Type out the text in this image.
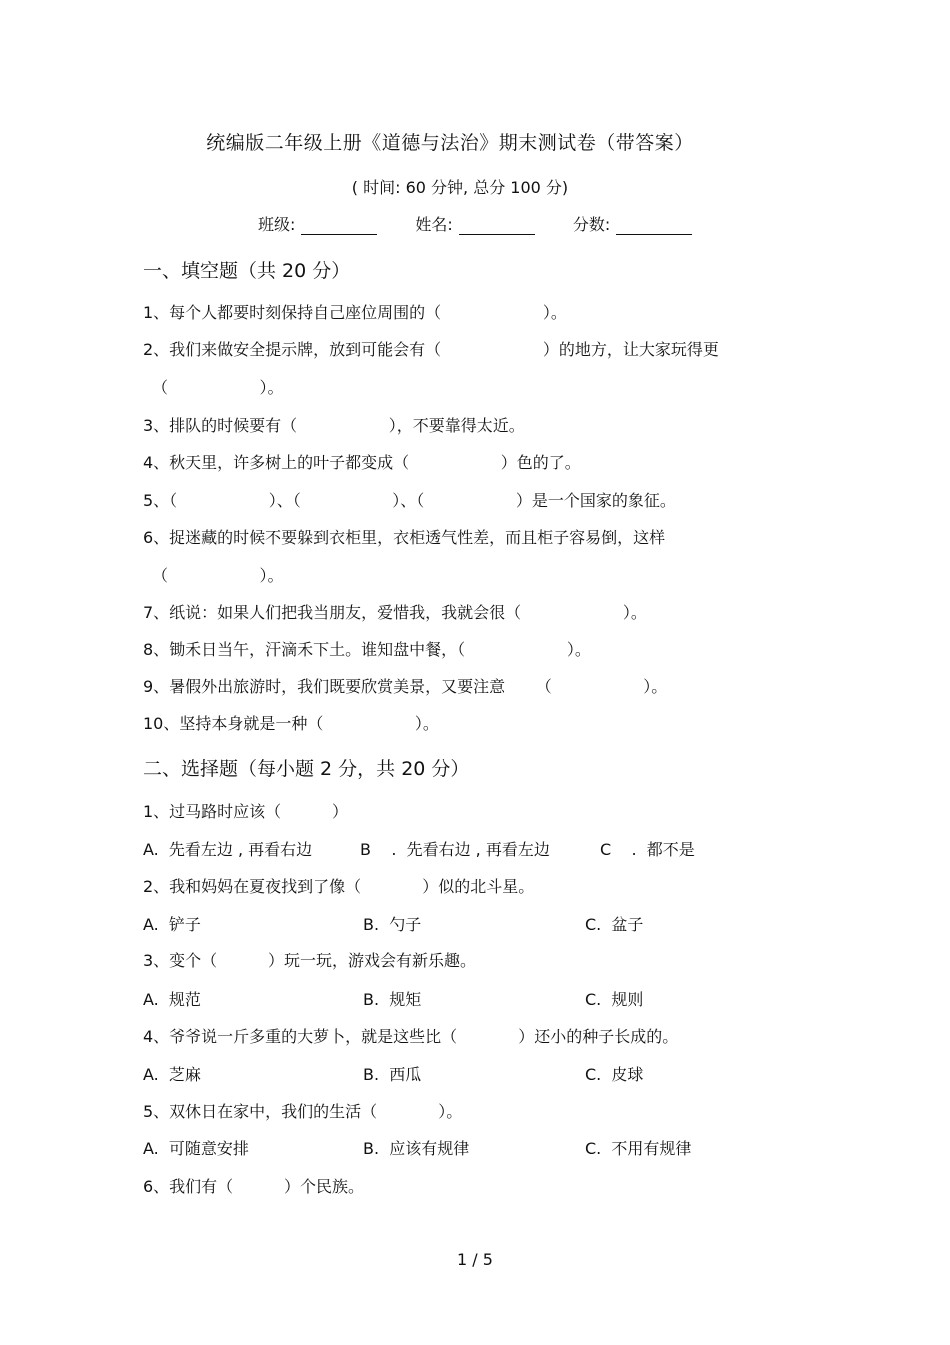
统编版二年级上册《道德与法治》期末测试卷（带答案）
( 时间: 60 分钟, 总分 100 分)
班级:	姓名:	分数:
一、填空题（共 20 分）
1、每个人都要时刻保持自己座位周围的（                    ）。
2、我们来做安全提示牌，放到可能会有（                    ）的地方，让大家玩得更
（                  ）。
3、排队的时候要有（                  ），不要靠得太近。
4、秋天里，许多树上的叶子都变成（                  ）色的了。
5、（                  ）、（                  ）、（                  ）是一个国家的象征。
6、捉迷藏的时候不要躲到衣柜里，衣柜透气性差，而且柜子容易倒，这样
（                  ）。
7、纸说：如果人们把我当朋友，爱惜我，我就会很（                    ）。
8、锄禾日当午，汗滴禾下土。谁知盘中餐，（                    ）。
9、暑假外出旅游时，我们既要欣赏美景，又要注意      （                  ）。
10、坚持本身就是一种（                  ）。
二、选择题（每小题 2 分，共 20 分）
1、过马路时应该（          ）
A.  先看左边 , 再看右边	B    .  先看右边 , 再看左边	C    .  都不是
2、我和妈妈在夏夜找到了像（            ）似的北斗星。
A.  铲子	B.  勺子	C.  盆子
3、变个（          ）玩一玩，游戏会有新乐趣。
A.  规范	B.  规矩	C.  规则
4、爷爷说一斤多重的大萝卜，就是这些比（            ）还小的种子长成的。
A.  芝麻	B.  西瓜	C.  皮球
5、双休日在家中，我们的生活（            ）。
A.  可随意安排	B.  应该有规律	C.  不用有规律
6、我们有（          ）个民族。
1 / 5
